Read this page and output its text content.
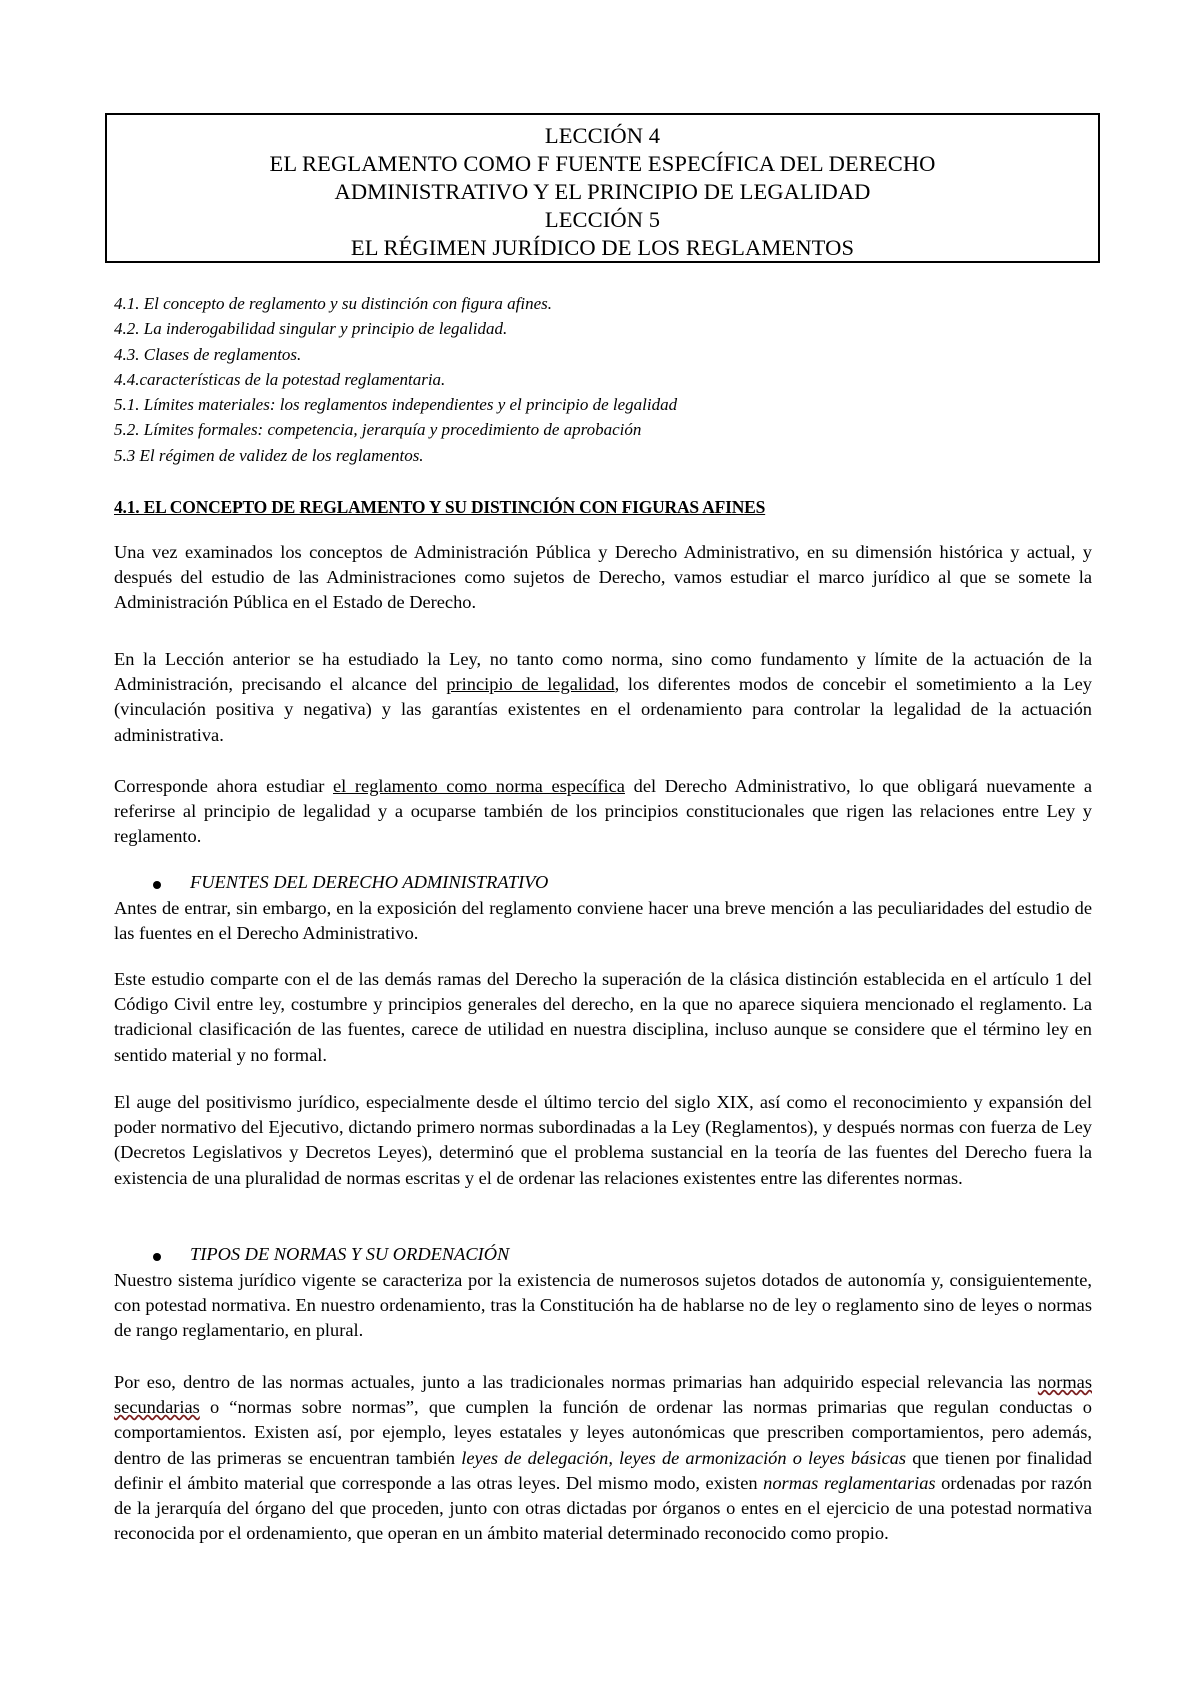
LECCIÓN 4
EL REGLAMENTO COMO F FUENTE ESPECÍFICA DEL DERECHO
ADMINISTRATIVO Y EL PRINCIPIO DE LEGALIDAD
LECCIÓN 5
EL RÉGIMEN JURÍDICO DE LOS REGLAMENTOS
4.1. El concepto de reglamento y su distinción con figura afines.
4.2. La inderogabilidad singular y principio de legalidad.
4.3. Clases de reglamentos.
4.4.características de la potestad reglamentaria.
5.1. Límites materiales: los reglamentos independientes y el principio de legalidad
5.2. Límites formales: competencia, jerarquía y procedimiento de aprobación
5.3 El régimen de validez de los reglamentos.
4.1. EL CONCEPTO DE REGLAMENTO Y SU DISTINCIÓN CON FIGURAS AFINES

Una vez examinados los conceptos de Administración Pública y Derecho Administrativo, en su dimensión histórica y actual, y después del estudio de las Administraciones como sujetos de Derecho, vamos estudiar el marco jurídico al que se somete la Administración Pública en el Estado de Derecho.

En la Lección anterior se ha estudiado la Ley, no tanto como norma, sino como fundamento y límite de la actuación de la Administración, precisando el alcance del principio de legalidad, los diferentes modos de concebir el sometimiento a la Ley (vinculación positiva y negativa) y las garantías existentes en el ordenamiento para controlar la legalidad de la actuación administrativa.

Corresponde ahora estudiar el reglamento como norma específica del Derecho Administrativo, lo que obligará nuevamente a referirse al principio de legalidad y a ocuparse también de los principios constitucionales que rigen las relaciones entre Ley y reglamento.

FUENTES DEL DERECHO ADMINISTRATIVO

Antes de entrar, sin embargo, en la exposición del reglamento conviene hacer una breve mención a las peculiaridades del estudio de las fuentes en el Derecho Administrativo.

Este estudio comparte con el de las demás ramas del Derecho la superación de la clásica distinción establecida en el artículo 1 del Código Civil entre ley, costumbre y principios generales del derecho, en la que no aparece siquiera mencionado el reglamento. La tradicional clasificación de las fuentes, carece de utilidad en nuestra disciplina, incluso aunque se considere que el término ley en sentido material y no formal.

El auge del positivismo jurídico, especialmente desde el último tercio del siglo XIX, así como el reconocimiento y expansión del poder normativo del Ejecutivo, dictando primero normas subordinadas a la Ley (Reglamentos), y después normas con fuerza de Ley (Decretos Legislativos y Decretos Leyes), determinó que el problema sustancial en la teoría de las fuentes del Derecho fuera la existencia de una pluralidad de normas escritas y el de ordenar las relaciones existentes entre las diferentes normas.

TIPOS DE NORMAS Y SU ORDENACIÓN

Nuestro sistema jurídico vigente se caracteriza por la existencia de numerosos sujetos dotados de autonomía y, consiguientemente, con potestad normativa. En nuestro ordenamiento, tras la Constitución ha de hablarse no de ley o reglamento sino de leyes o normas de rango reglamentario, en plural.

Por eso, dentro de las normas actuales, junto a las tradicionales normas primarias han adquirido especial relevancia las normas secundarias o “normas sobre normas”, que cumplen la función de ordenar las normas primarias que regulan conductas o comportamientos. Existen así, por ejemplo, leyes estatales y leyes autonómicas que prescriben comportamientos, pero además, dentro de las primeras se encuentran también leyes de delegación, leyes de armonización o leyes básicas que tienen por finalidad definir el ámbito material que corresponde a las otras leyes. Del mismo modo, existen normas reglamentarias ordenadas por razón de la jerarquía del órgano del que proceden, junto con otras dictadas por órganos o entes en el ejercicio de una potestad normativa reconocida por el ordenamiento, que operan en un ámbito material determinado reconocido como propio.
